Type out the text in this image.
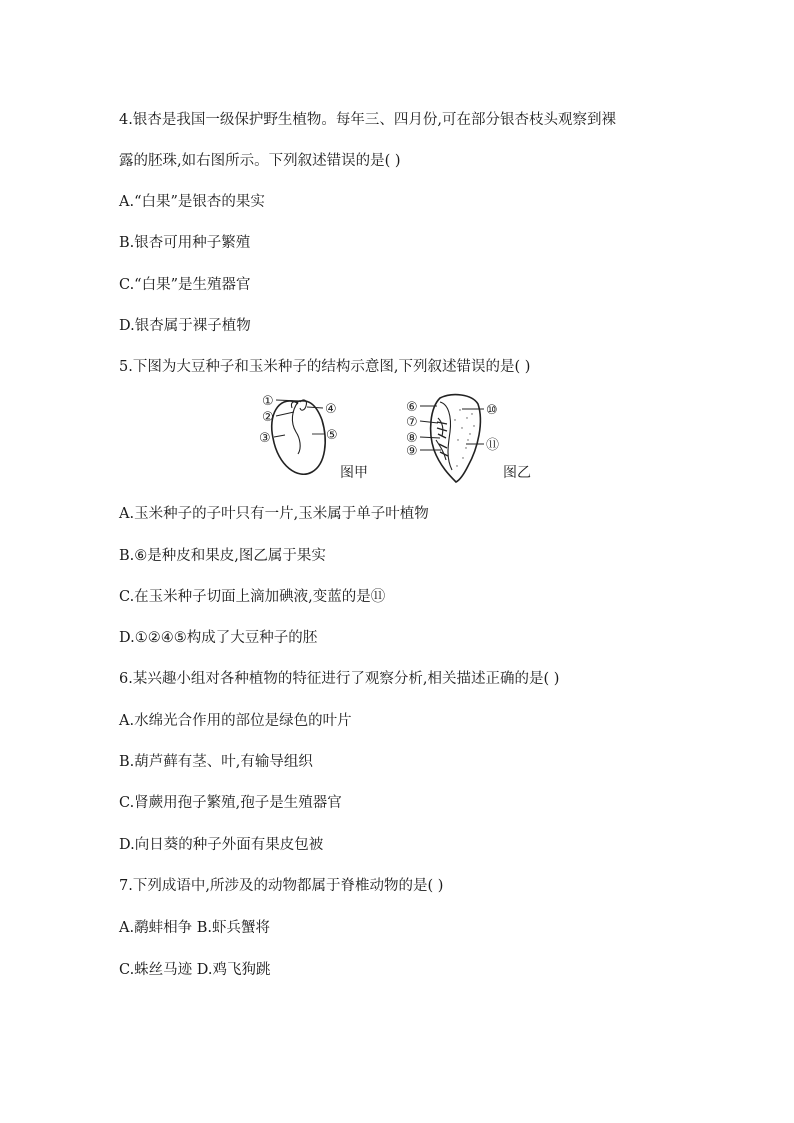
4.银杏是我国一级保护野生植物。每年三、四月份,可在部分银杏枝头观察到裸
露的胚珠,如右图所示。下列叙述错误的是( )
A.“白果”是银杏的果实
B.银杏可用种子繁殖
C.“白果”是生殖器官
D.银杏属于裸子植物
5.下图为大豆种子和玉米种子的结构示意图,下列叙述错误的是( )
①
②
③
④
⑤
⑥
⑦
⑧
⑨
⑩
⑪
图甲	图乙
A.玉米种子的子叶只有一片,玉米属于单子叶植物
B.⑥是种皮和果皮,图乙属于果实
C.在玉米种子切面上滴加碘液,变蓝的是⑪
D.①②④⑤构成了大豆种子的胚
6.某兴趣小组对各种植物的特征进行了观察分析,相关描述正确的是( )
A.水绵光合作用的部位是绿色的叶片
B.葫芦藓有茎、叶,有输导组织
C.肾蕨用孢子繁殖,孢子是生殖器官
D.向日葵的种子外面有果皮包被
7.下列成语中,所涉及的动物都属于脊椎动物的是( )
A.鹬蚌相争 B.虾兵蟹将
C.蛛丝马迹 D.鸡飞狗跳
